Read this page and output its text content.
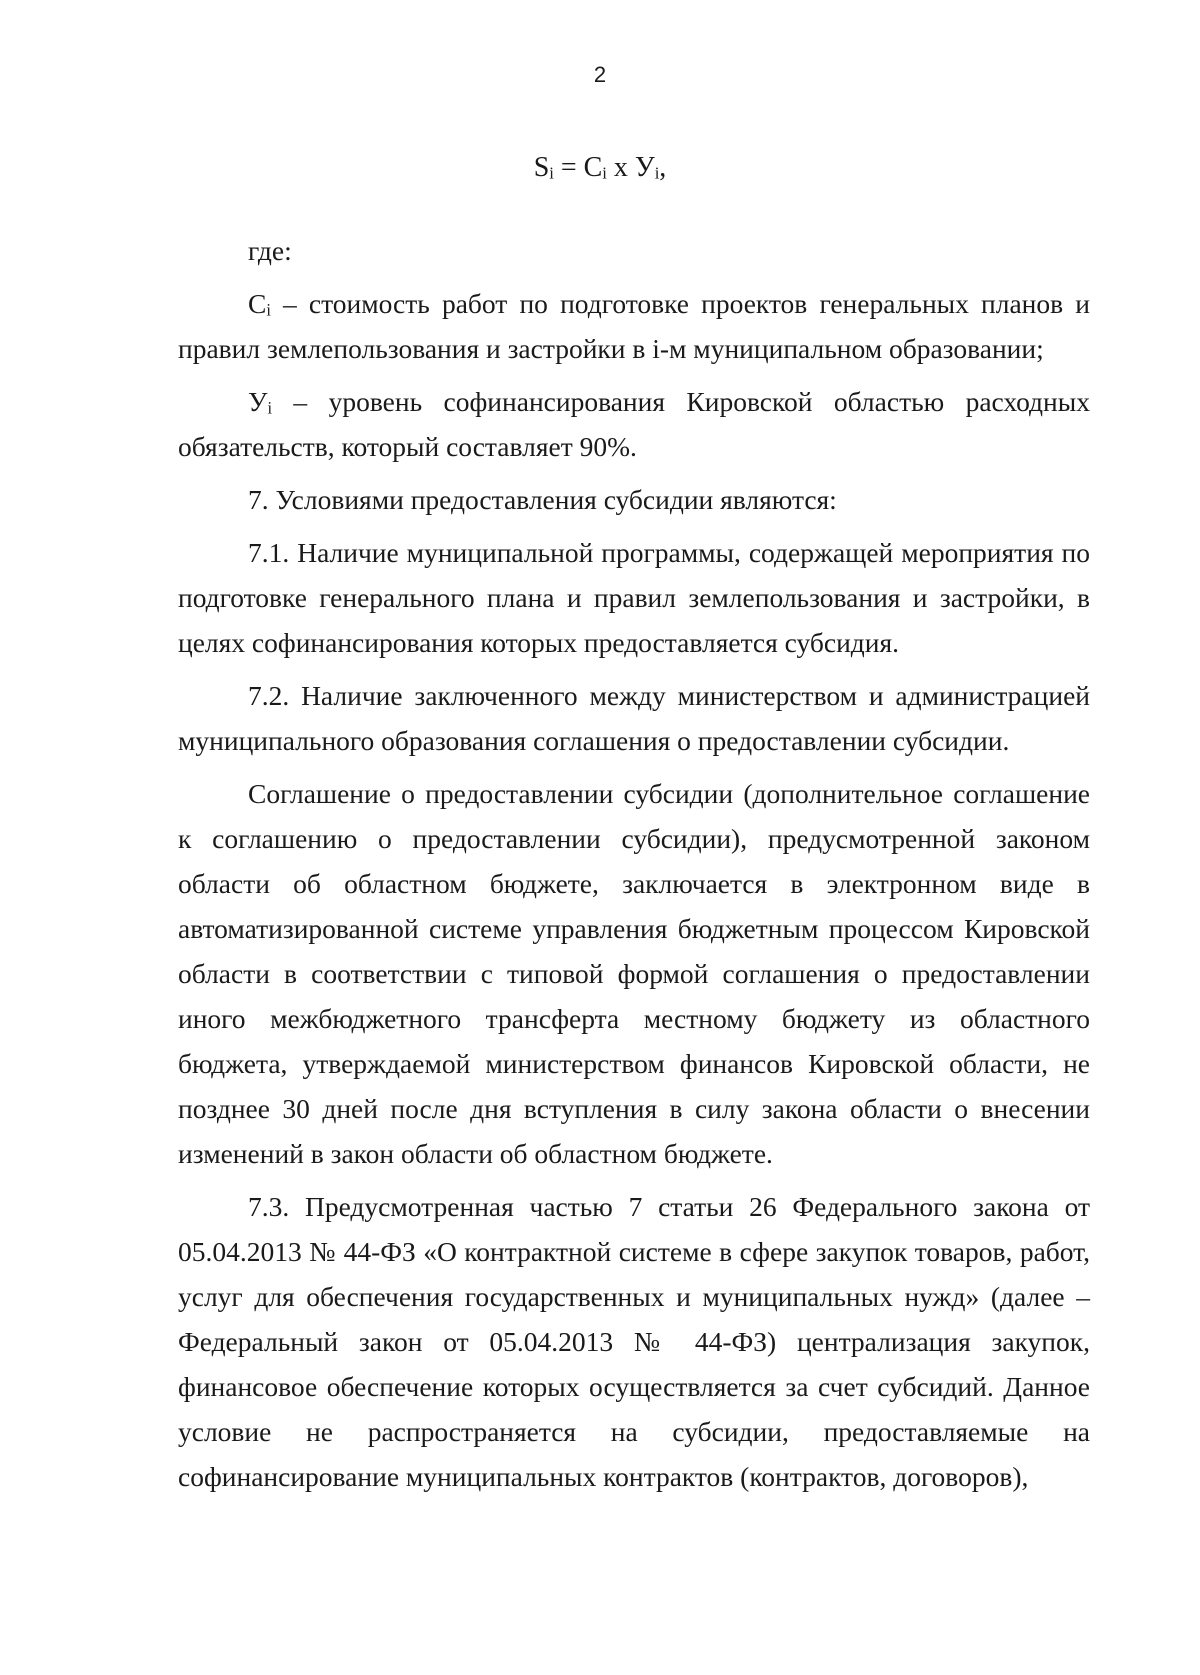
2
Sᵢ = Cᵢ x Уᵢ,

где:

Cᵢ – стоимость работ по подготовке проектов генеральных планов и правил землепользования и застройки в i-м муниципальном образовании;

Уᵢ – уровень софинансирования Кировской областью расходных обязательств, который составляет 90%.

7. Условиями предоставления субсидии являются:

7.1. Наличие муниципальной программы, содержащей мероприятия по подготовке генерального плана и правил землепользования и застройки, в целях софинансирования которых предоставляется субсидия.

7.2. Наличие заключенного между министерством и администрацией муниципального образования соглашения о предоставлении субсидии.

Соглашение о предоставлении субсидии (дополнительное соглашение к соглашению о предоставлении субсидии), предусмотренной законом области об областном бюджете, заключается в электронном виде в автоматизированной системе управления бюджетным процессом Кировской области в соответствии с типовой формой соглашения о предоставлении иного межбюджетного трансферта местному бюджету из областного бюджета, утверждаемой министерством финансов Кировской области, не позднее 30 дней после дня вступления в силу закона области о внесении изменений в закон области об областном бюджете.

7.3. Предусмотренная частью 7 статьи 26 Федерального закона от 05.04.2013 № 44-ФЗ «О контрактной системе в сфере закупок товаров, работ, услуг для обеспечения государственных и муниципальных нужд» (далее – Федеральный закон от 05.04.2013 № 44-ФЗ) централизация закупок, финансовое обеспечение которых осуществляется за счет субсидий. Данное условие не распространяется на субсидии, предоставляемые на софинансирование муниципальных контрактов (контрактов, договоров),
